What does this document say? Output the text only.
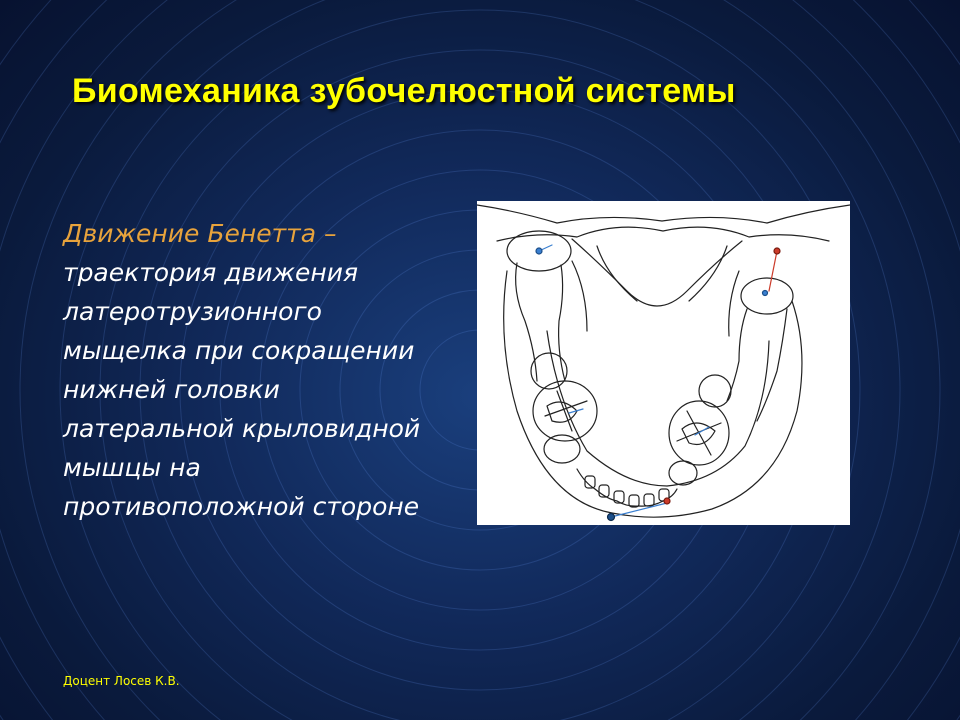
Биомеханика зубочелюстной системы
Движение Бенетта – траектория движения латеротрузионного мыщелка при сокращении нижней головки латеральной крыловидной мышцы на противоположной стороне
Доцент Лосев К.В.
